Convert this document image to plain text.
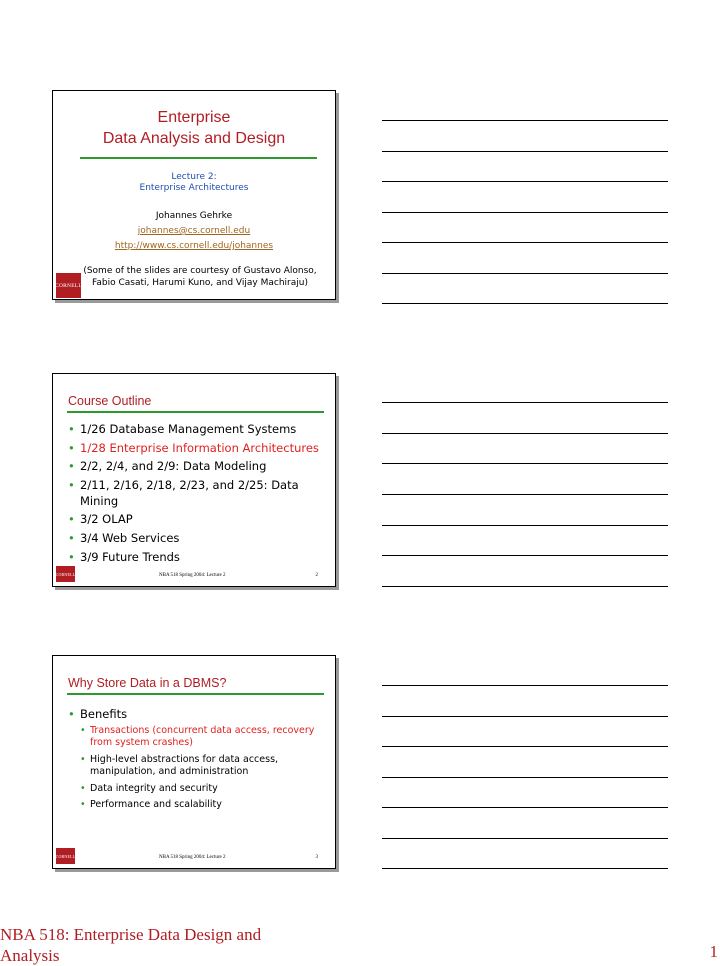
Enterprise
Data Analysis and Design
Lecture 2:
Enterprise Architectures
Johannes Gehrke
johannes@cs.cornell.edu
http://www.cs.cornell.edu/johannes
(Some of the slides are courtesy of Gustavo Alonso,
Fabio Casati, Harumi Kuno, and Vijay Machiraju)
CORNELL
Course Outline
• 1/26 Database Management Systems
• 1/28 Enterprise Information Architectures
• 2/2, 2/4, and 2/9: Data Modeling
• 2/11, 2/16, 2/18, 2/23, and 2/25: Data Mining
• 3/2 OLAP
• 3/4 Web Services
• 3/9 Future Trends
CORNELL	NBA 518 Spring 2004: Lecture 2	2
Why Store Data in a DBMS?
• Benefits
• Transactions (concurrent data access, recovery from system crashes)
• High-level abstractions for data access, manipulation, and administration
• Data integrity and security
• Performance and scalability
CORNELL	NBA 518 Spring 2004: Lecture 2	3
NBA 518: Enterprise Data Design and
Analysis	1
